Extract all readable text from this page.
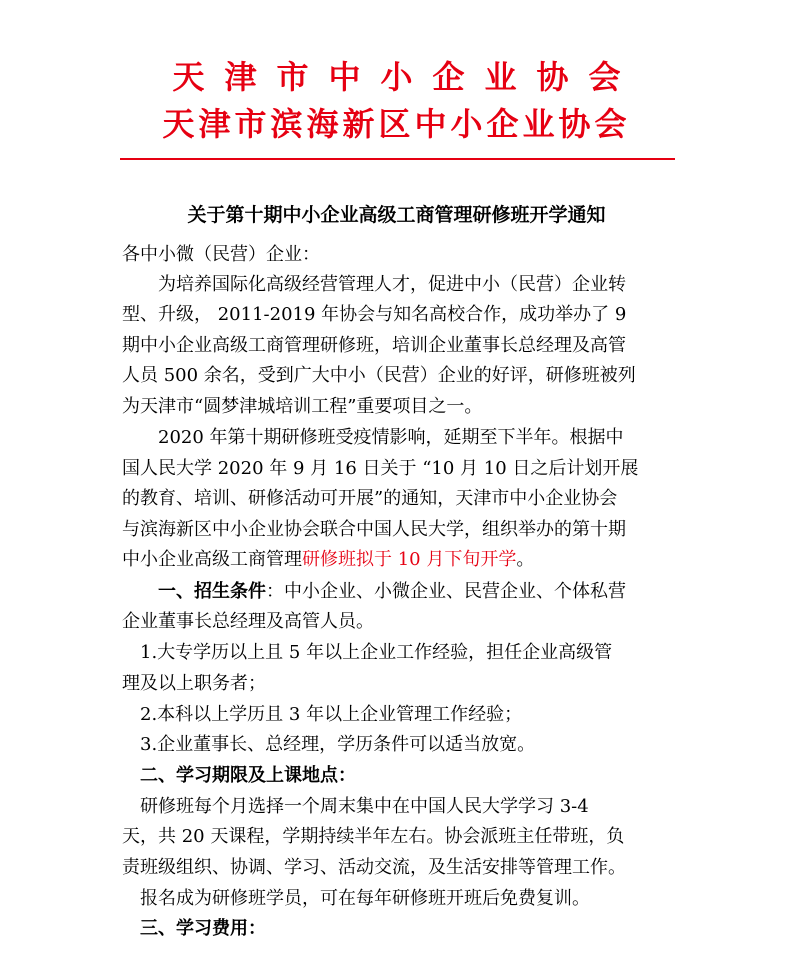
天津市中小企业协会
天津市滨海新区中小企业协会
关于第十期中小企业高级工商管理研修班开学通知
各中小微（民营）企业：
为培养国际化高级经营管理人才，促进中小（民营）企业转
型、升级， 2011-2019 年协会与知名高校合作，成功举办了 9
期中小企业高级工商管理研修班，培训企业董事长总经理及高管
人员 500 余名，受到广大中小（民营）企业的好评，研修班被列
为天津市“圆梦津城培训工程”重要项目之一。
2020 年第十期研修班受疫情影响，延期至下半年。根据中
国人民大学 2020 年 9 月 16 日关于 “10 月 10 日之后计划开展
的教育、培训、研修活动可开展”的通知，天津市中小企业协会
与滨海新区中小企业协会联合中国人民大学，组织举办的第十期
中小企业高级工商管理研修班拟于 10 月下旬开学。
一、招生条件：中小企业、小微企业、民营企业、个体私营
企业董事长总经理及高管人员。
1.大专学历以上且 5 年以上企业工作经验，担任企业高级管
理及以上职务者；
2.本科以上学历且 3 年以上企业管理工作经验；
3.企业董事长、总经理，学历条件可以适当放宽。
二、学习期限及上课地点：
研修班每个月选择一个周末集中在中国人民大学学习 3-4
天，共 20 天课程，学期持续半年左右。协会派班主任带班，负
责班级组织、协调、学习、活动交流，及生活安排等管理工作。
报名成为研修班学员，可在每年研修班开班后免费复训。
三、学习费用：
